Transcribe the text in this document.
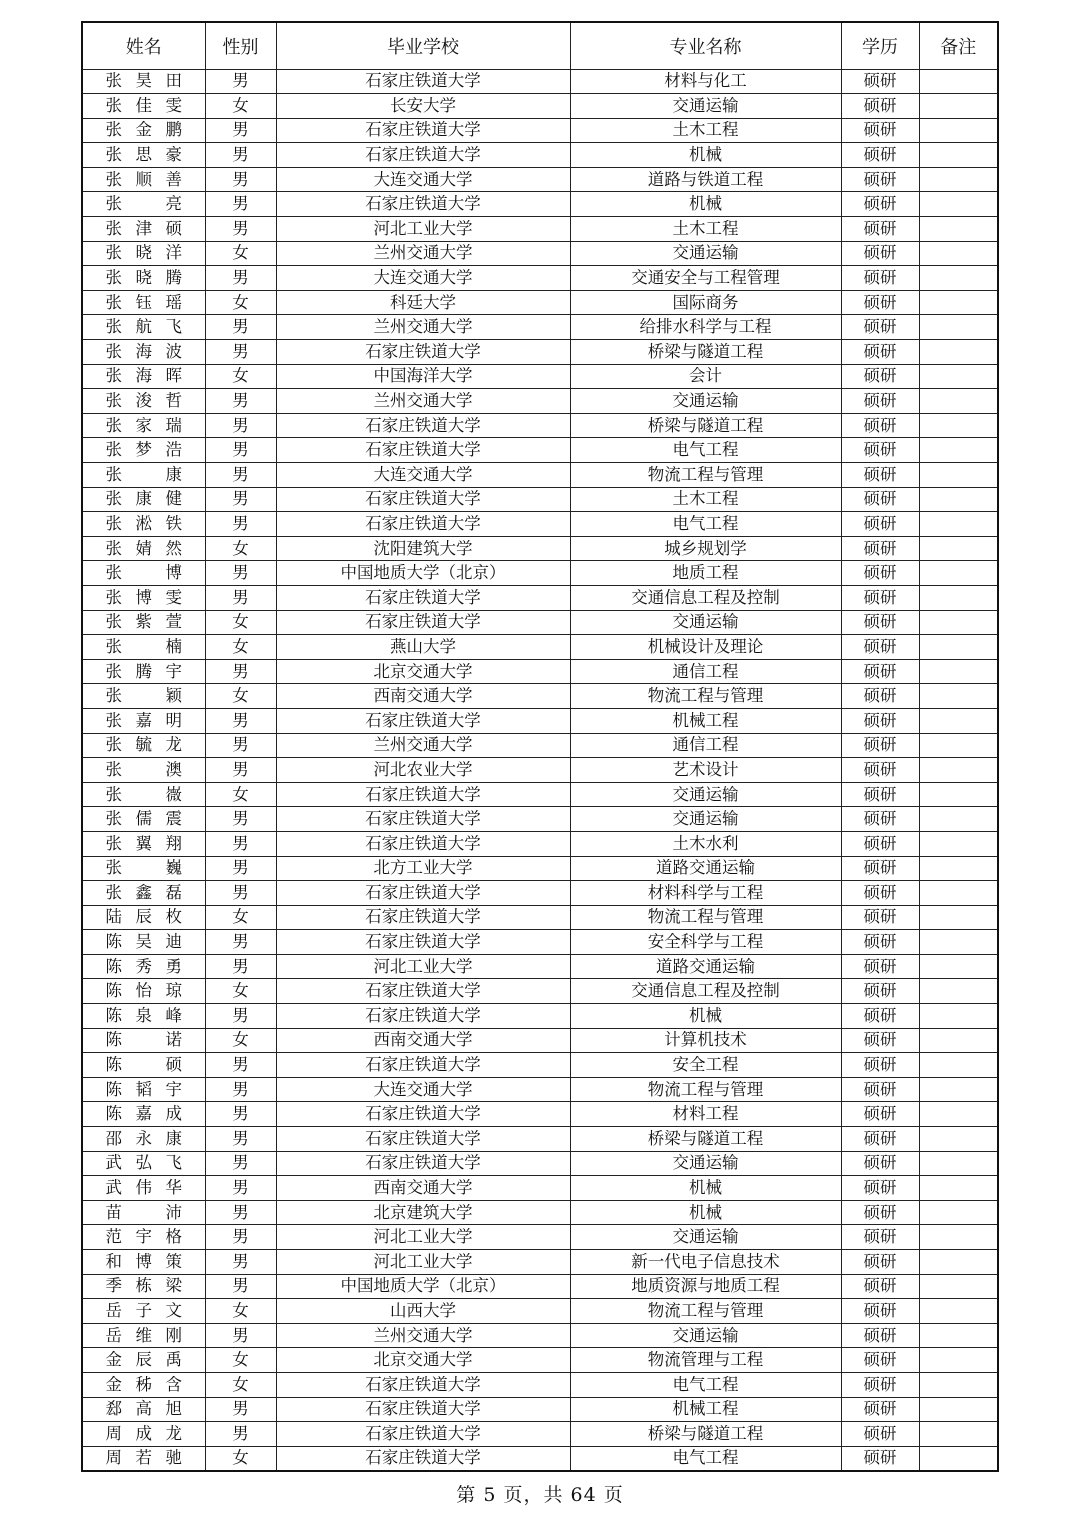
姓名	性别	毕业学校	专业名称	学历	备注

张 昊 田	男	石家庄铁道大学	材料与化工	硕研	

张 佳 雯	女	长安大学	交通运输	硕研	

张 金 鹏	男	石家庄铁道大学	土木工程	硕研	

张 思 豪	男	石家庄铁道大学	机械	硕研	

张 顺 善	男	大连交通大学	道路与铁道工程	硕研	

张 亮	男	石家庄铁道大学	机械	硕研	

张 津 硕	男	河北工业大学	土木工程	硕研	

张 晓 洋	女	兰州交通大学	交通运输	硕研	

张 晓 腾	男	大连交通大学	交通安全与工程管理	硕研	

张 钰 瑶	女	科廷大学	国际商务	硕研	

张 航 飞	男	兰州交通大学	给排水科学与工程	硕研	

张 海 波	男	石家庄铁道大学	桥梁与隧道工程	硕研	

张 海 晖	女	中国海洋大学	会计	硕研	

张 浚 哲	男	兰州交通大学	交通运输	硕研	

张 家 瑞	男	石家庄铁道大学	桥梁与隧道工程	硕研	

张 梦 浩	男	石家庄铁道大学	电气工程	硕研	

张 康	男	大连交通大学	物流工程与管理	硕研	

张 康 健	男	石家庄铁道大学	土木工程	硕研	

张 淞 铁	男	石家庄铁道大学	电气工程	硕研	

张 婧 然	女	沈阳建筑大学	城乡规划学	硕研	

张 博	男	中国地质大学（北京）	地质工程	硕研	

张 博 雯	男	石家庄铁道大学	交通信息工程及控制	硕研	

张 紫 萱	女	石家庄铁道大学	交通运输	硕研	

张 楠	女	燕山大学	机械设计及理论	硕研	

张 腾 宇	男	北京交通大学	通信工程	硕研	

张 颖	女	西南交通大学	物流工程与管理	硕研	

张 嘉 明	男	石家庄铁道大学	机械工程	硕研	

张 毓 龙	男	兰州交通大学	通信工程	硕研	

张 澳	男	河北农业大学	艺术设计	硕研	

张 嶶	女	石家庄铁道大学	交通运输	硕研	

张 儒 震	男	石家庄铁道大学	交通运输	硕研	

张 翼 翔	男	石家庄铁道大学	土木水利	硕研	

张 巍	男	北方工业大学	道路交通运输	硕研	

张 鑫 磊	男	石家庄铁道大学	材料科学与工程	硕研	

陆 辰 枚	女	石家庄铁道大学	物流工程与管理	硕研	

陈 吴 迪	男	石家庄铁道大学	安全科学与工程	硕研	

陈 秀 勇	男	河北工业大学	道路交通运输	硕研	

陈 怡 琼	女	石家庄铁道大学	交通信息工程及控制	硕研	

陈 泉 峰	男	石家庄铁道大学	机械	硕研	

陈 诺	女	西南交通大学	计算机技术	硕研	

陈 硕	男	石家庄铁道大学	安全工程	硕研	

陈 韬 宇	男	大连交通大学	物流工程与管理	硕研	

陈 嘉 成	男	石家庄铁道大学	材料工程	硕研	

邵 永 康	男	石家庄铁道大学	桥梁与隧道工程	硕研	

武 弘 飞	男	石家庄铁道大学	交通运输	硕研	

武 伟 华	男	西南交通大学	机械	硕研	

苗 沛	男	北京建筑大学	机械	硕研	

范 宇 格	男	河北工业大学	交通运输	硕研	

和 博 策	男	河北工业大学	新一代电子信息技术	硕研	

季 栋 梁	男	中国地质大学（北京）	地质资源与地质工程	硕研	

岳 子 文	女	山西大学	物流工程与管理	硕研	

岳 维 刚	男	兰州交通大学	交通运输	硕研	

金 辰 禹	女	北京交通大学	物流管理与工程	硕研	

金 秭 含	女	石家庄铁道大学	电气工程	硕研	

郄 高 旭	男	石家庄铁道大学	机械工程	硕研	

周 成 龙	男	石家庄铁道大学	桥梁与隧道工程	硕研	

周 若 驰	女	石家庄铁道大学	电气工程	硕研	
第 5 页，共 64 页
